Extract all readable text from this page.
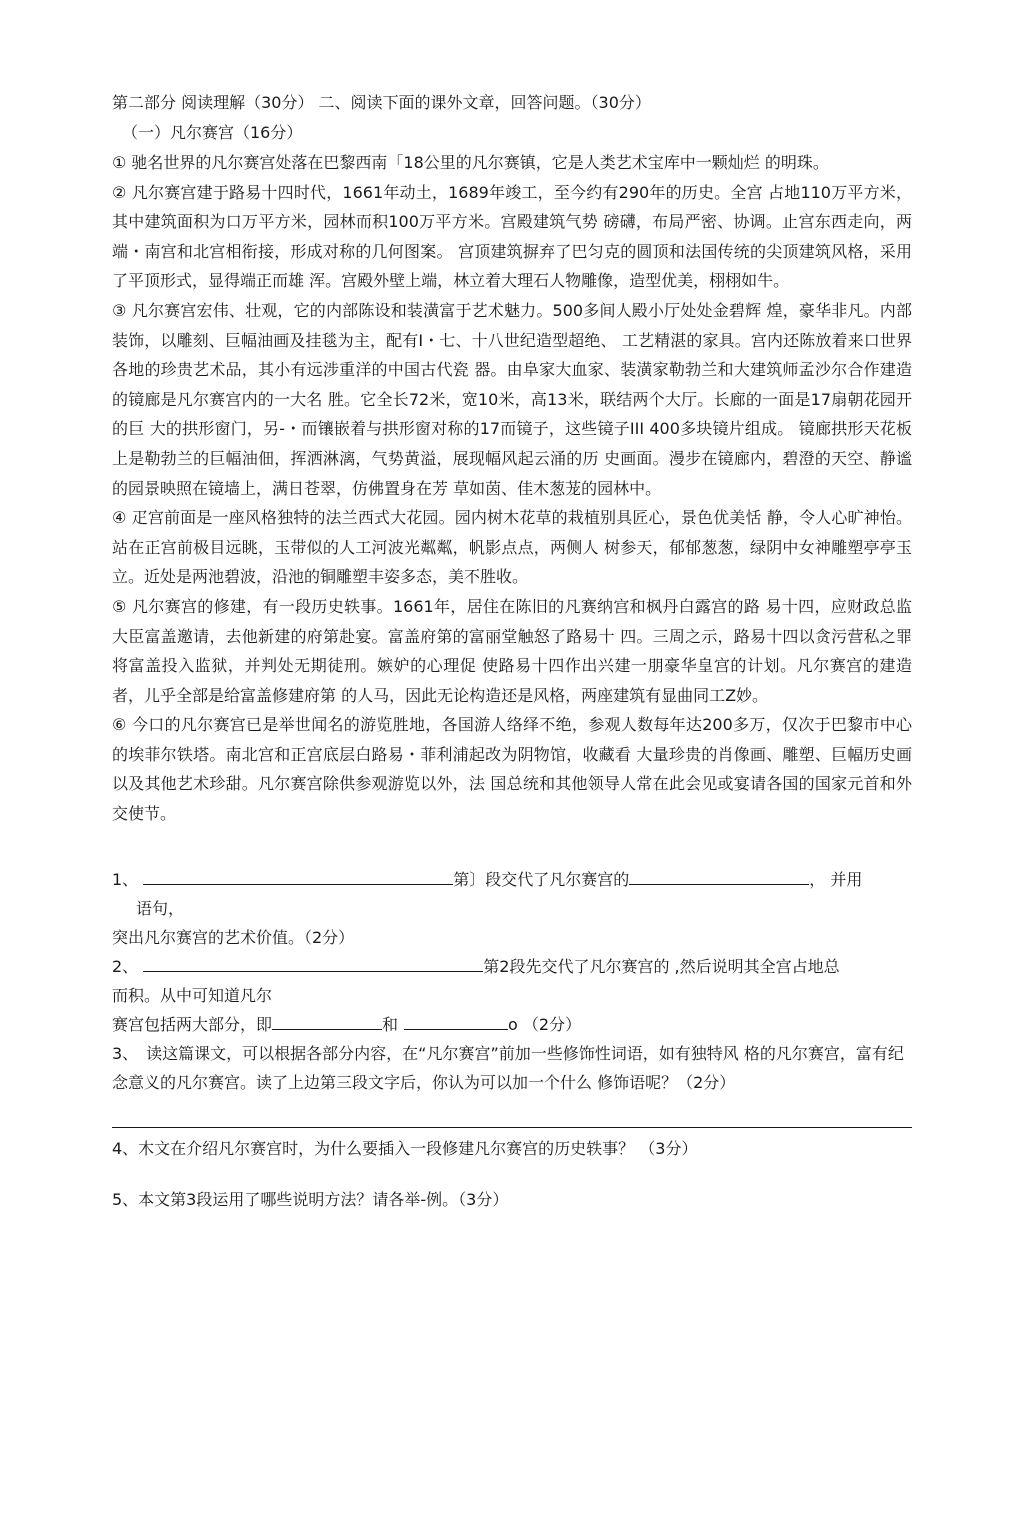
第二部分 阅读理解（30分） 二、阅读下面的课外文章，回答问题。（30分）
（一）凡尔赛宫（16分）

① 驰名世界的凡尔赛宫处落在巴黎西南「18公里的凡尔赛镇，它是人类艺术宝库中一颗灿烂 的明珠。

② 凡尔赛宫建于路易十四时代，1661年动土，1689年竣工，至今约有290年的历史。全宫 占地110万平方米，其中建筑面积为口万平方米，园林而积100万平方米。宫殿建筑气势 磅礴，布局严密、协调。止宫东西走向，两端・南宫和北宫相衔接，形成对称的几何图案。 宫顶建筑摒弃了巴匀克的圆顶和法国传统的尖顶建筑风格，采用了平顶形式，显得端正而雄 浑。宫殿外壁上端，林立着大理石人物雕像，造型优美，栩栩如牛。

③ 凡尔赛宫宏伟、壮观，它的内部陈设和装潢富于艺术魅力。500多间人殿小厅处处金碧辉 煌，豪华非凡。内部装饰，以雕刻、巨幅油画及挂毯为主，配有I・七、十八世纪造型超绝、 工艺精湛的家具。宫内还陈放着来口世界各地的珍贵艺术品，其小有远涉重洋的中国古代瓷 器。由阜家大血家、装潢家勒勃兰和大建筑师孟沙尔合作建造的镜廊是凡尔赛宫内的一大名 胜。它全长72米，宽10米，高13米，联结两个大厅。长廊的一面是17扇朝花园开的巨 大的拱形窗门，另-・而镶嵌着与拱形窗对称的17而镜子，这些镜子III 400多块镜片组成。 镜廊拱形天花板上是勒勃兰的巨幅油佃，挥洒淋漓，气势黄溢，展现幅风起云涌的历 史画面。漫步在镜廊内，碧澄的天空、静谧的园景映照在镜墙上，满日苍翠，仿佛置身在芳 草如茵、佳木葱茏的园林中。

④ 疋宫前面是一座风格独特的法兰西式大花园。园内树木花草的栽植别具匠心，景色优美恬 静，令人心旷神怡。站在正宫前极目远眺，玉带似的人工河波光粼粼，帆影点点，两侧人 树参天，郁郁葱葱，绿阴中女神雕塑亭亭玉立。近处是两池碧波，沿池的铜雕塑丰姿多态，美不胜收。

⑤ 凡尔赛宫的修建，有一段历史轶事。1661年，居住在陈旧的凡赛纳宫和枫丹白露宫的路 易十四，应财政总监大臣富盖邀请，去他新建的府第赴宴。富盖府第的富丽堂触怒了路易十 四。三周之示，路易十四以贪污营私之罪将富盖投入监狱，并判处无期徒刑。嫉妒的心理促 使路易十四作出兴建一朋豪华皇宫的计划。凡尔赛宫的建造者，儿乎全部是给富盖修建府第 的人马，因此无论构造还是风格，两座建筑有显曲同工Z妙。

⑥ 今口的凡尔赛宫已是举世闻名的游览胜地，各国游人络绎不绝，参观人数每年达200多万，仅次于巴黎市中心的埃菲尔铁塔。南北宫和正宫底层白路易・菲利浦起改为阴物馆，收藏看 大量珍贵的肖像画、雕塑、巨幅历史画以及其他艺术珍甜。凡尔赛宫除供参观游览以外，法 国总统和其他领导人常在此会见或宴请各国的国家元首和外交使节。

1、	第〕段交代了凡尔赛宫的	， 并用
语句，
突出凡尔赛宫的艺术价值。（2分）
2、	第2段先交代了凡尔赛宫的 ,然后说明其全宫占地总
而积。从中可知道凡尔
赛宫包括两大部分，即	和	o （2分）

3、　读这篇课文，可以根据各部分内容，在“凡尔赛宫”前加一些修饰性词语，如有独特风 格的凡尔赛宫，富有纪念意义的凡尔赛宫。读了上边第三段文字后，你认为可以加一个什么 修饰语呢？（2分）

4、木文在介绍凡尔赛宫时，为什么要插入一段修建凡尔赛宫的历史轶事？ （3分）
5、本文第3段运用了哪些说明方法？请各举-例。（3分）
